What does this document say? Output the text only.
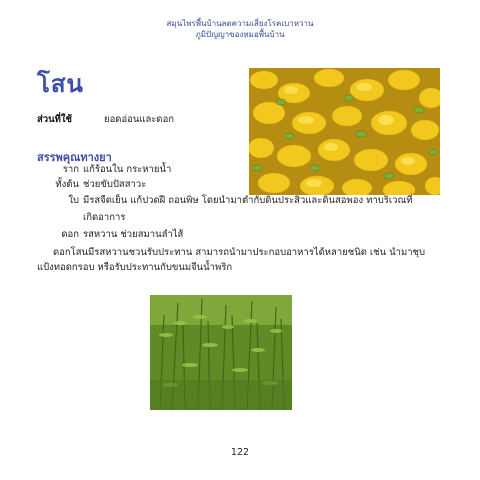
สมุนไพรพื้นบ้านลดความเสี่ยงโรคเบาหวาน
ภูมิปัญญาของหมอพื้นบ้าน
โสน
ส่วนที่ใช้	ยอดอ่อนและดอก
สรรพคุณทางยา
ราก แก้ร้อนใน กระหายน้ำ
ทั้งต้น ช่วยขับปัสสาวะ
ใบ มีรสจืดเย็น แก้ปวดฝี ถอนพิษ โดยนำมาตำกับดินประสิวและดินสอพอง ทาบริเวณที่
เกิดอาการ
ดอก รสหวาน ช่วยสมานลำไส้
ดอกโสนมีรสหวานชวนรับประทาน สามารถนำมาประกอบอาหารได้หลายชนิด เช่น นำมาชุบ
แป้งทอดกรอบ หรือรับประทานกับขนมจีนน้ำพริก
122
